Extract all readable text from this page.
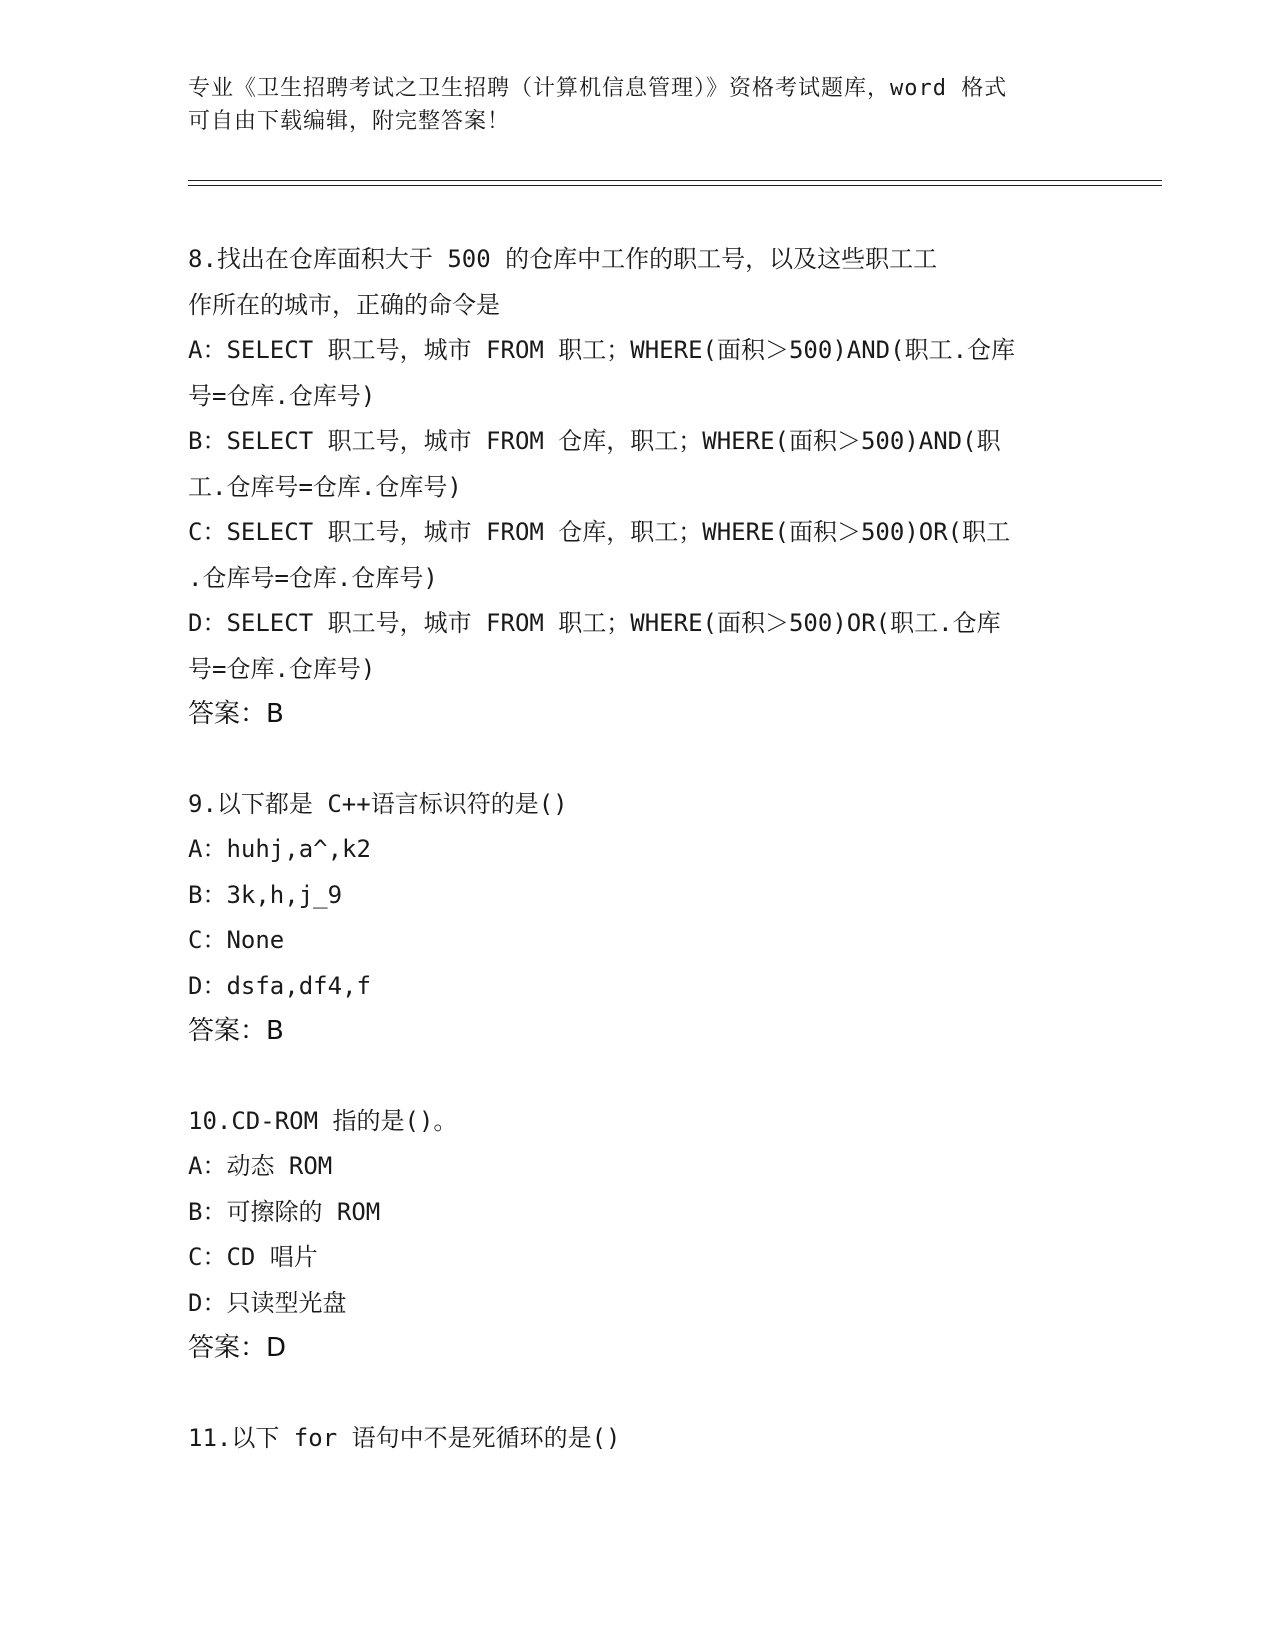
专业《卫生招聘考试之卫生招聘（计算机信息管理）》资格考试题库，word 格式
可自由下载编辑，附完整答案！
8.找出在仓库面积大于 500 的仓库中工作的职工号，以及这些职工工
作所在的城市，正确的命令是
A：SELECT 职工号，城市 FROM 职工；WHERE(面积＞500)AND(职工.仓库
号=仓库.仓库号)
B：SELECT 职工号，城市 FROM 仓库，职工；WHERE(面积＞500)AND(职
工.仓库号=仓库.仓库号)
C：SELECT 职工号，城市 FROM 仓库，职工；WHERE(面积＞500)OR(职工
.仓库号=仓库.仓库号)
D：SELECT 职工号，城市 FROM 职工；WHERE(面积＞500)OR(职工.仓库
号=仓库.仓库号)
答案：B
9.以下都是 C++语言标识符的是()
A：huhj,a^,k2
B：3k,h,j_9
C：None
D：dsfa,df4,f
答案：B
10.CD-ROM 指的是()。
A：动态 ROM
B：可擦除的 ROM
C：CD 唱片
D：只读型光盘
答案：D
11.以下 for 语句中不是死循环的是()
